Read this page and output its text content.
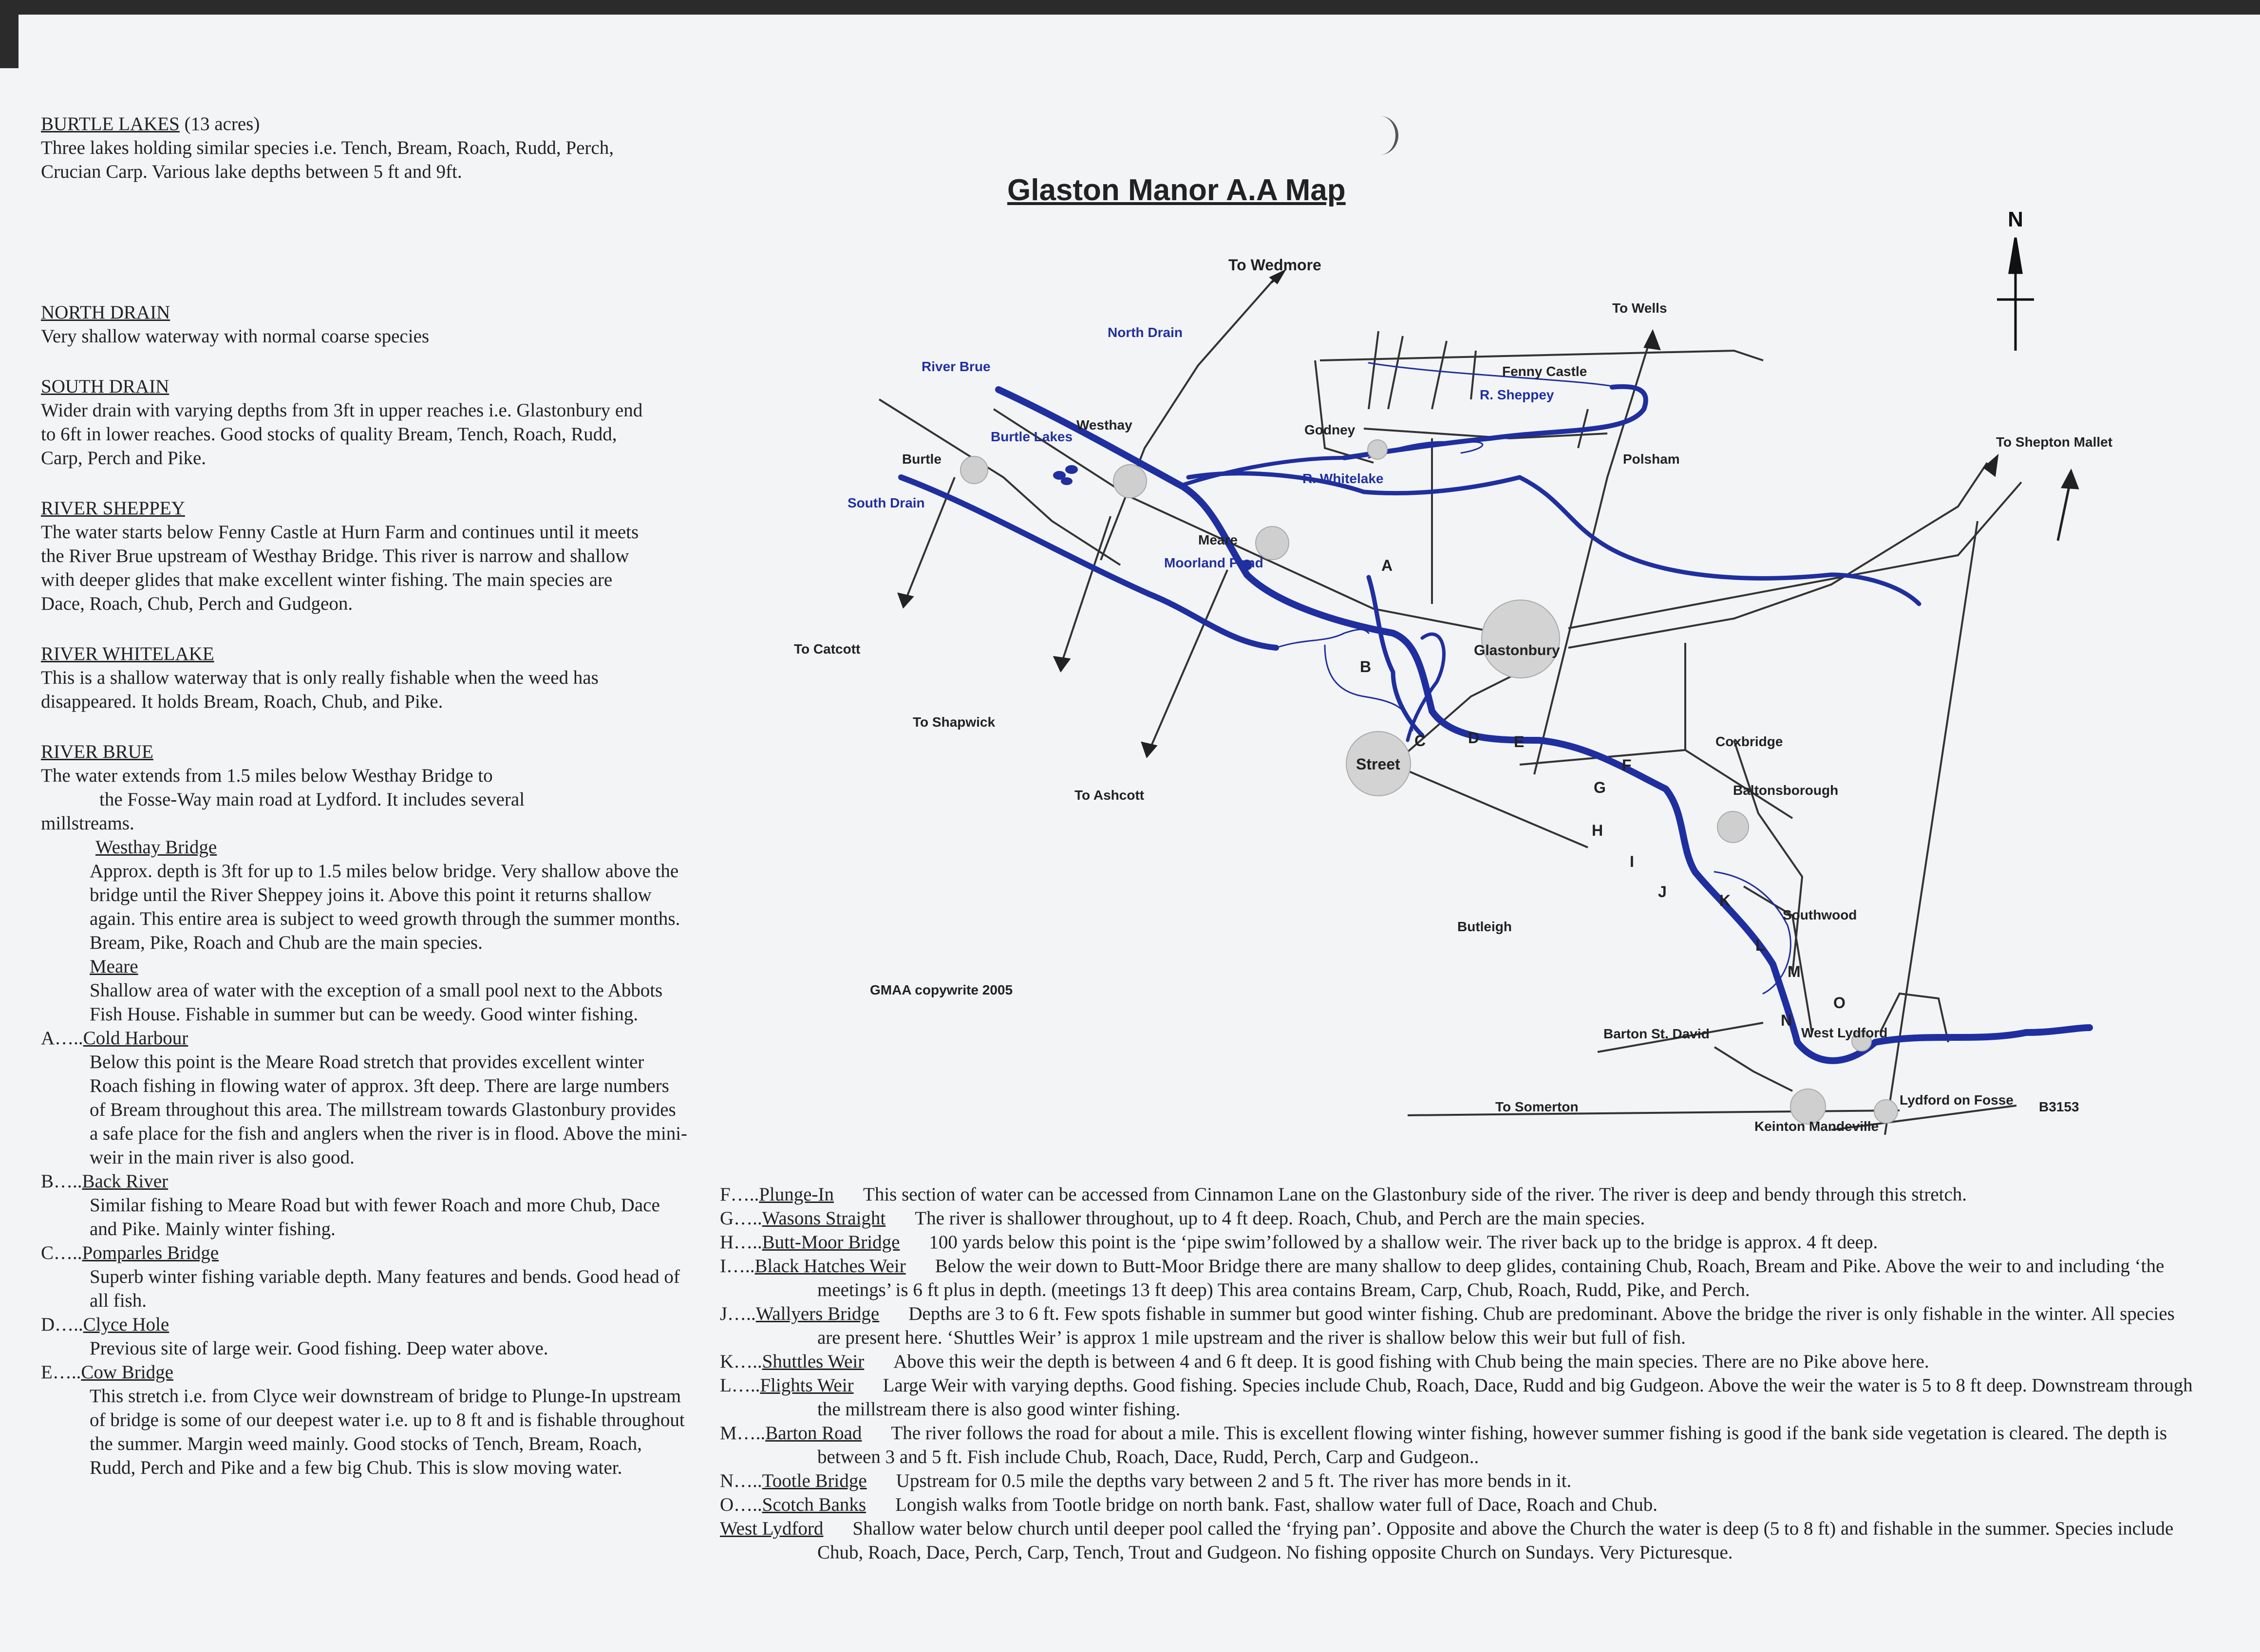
BURTLE LAKES (13 acres)
Three lakes holding similar species i.e. Tench, Bream, Roach, Rudd, Perch, Crucian Carp. Various lake depths between 5 ft and 9ft.
NORTH DRAIN
Very shallow waterway with normal coarse species
SOUTH DRAIN
Wider drain with varying depths from 3ft in upper reaches i.e. Glastonbury end to 6ft in lower reaches. Good stocks of quality Bream, Tench, Roach, Rudd, Carp, Perch and Pike.
RIVER SHEPPEY
The water starts below Fenny Castle at Hurn Farm and continues until it meets the River Brue upstream of Westhay Bridge. This river is narrow and shallow with deeper glides that make excellent winter fishing. The main species are Dace, Roach, Chub, Perch and Gudgeon.
RIVER WHITELAKE
This is a shallow waterway that is only really fishable when the weed has disappeared. It holds Bream, Roach, Chub, and Pike.
RIVER BRUE
The water extends from 1.5 miles below Westhay Bridge to
the Fosse-Way main road at Lydford. It includes several
millstreams.
Westhay Bridge
Approx. depth is 3ft for up to 1.5 miles below bridge. Very shallow above the bridge until the River Sheppey joins it. Above this point it returns shallow again. This entire area is subject to weed growth through the summer months. Bream, Pike, Roach and Chub are the main species.
Meare
Shallow area of water with the exception of a small pool next to the Abbots Fish House. Fishable in summer but can be weedy. Good winter fishing.
A…..Cold Harbour
Below this point is the Meare Road stretch that provides excellent winter Roach fishing in flowing water of approx. 3ft deep. There are large numbers of Bream throughout this area. The millstream towards Glastonbury provides a safe place for the fish and anglers when the river is in flood. Above the mini-weir in the main river is also good.
B…..Back River
Similar fishing to Meare Road but with fewer Roach and more Chub, Dace and Pike. Mainly winter fishing.
C…..Pomparles Bridge
Superb winter fishing variable depth. Many features and bends. Good head of all fish.
D…..Clyce Hole
Previous site of large weir. Good fishing. Deep water above.
E…..Cow Bridge
This stretch i.e. from Clyce weir downstream of bridge to Plunge-In upstream of bridge is some of our deepest water i.e. up to 8 ft and is fishable throughout the summer. Margin weed mainly. Good stocks of Tench, Bream, Roach, Rudd, Perch and Pike and a few big Chub. This is slow moving water.
Glaston Manor A.A Map
N
To Wedmore
To Wells
Fenny Castle
Westhay	Godney
Burtle	Polsham
To Shepton Mallet
Meare
To Catcott	Glastonbury
To Shapwick
Street
Coxbridge
To Ashcott	Baltonsborough
Butleigh
Southwood
GMAA copywrite 2005
Barton St. David
To Somerton
Keinton Mandeville
Lydford on Fosse B3153
West Lydford
North Drain
River Brue
R. Sheppey
Burtle Lakes
R. Whitelake
South Drain
Moorland Pond	A
B
C	D E
F
G
H
I
J	K
L
M
N
O
F…..Plunge-In This section of water can be accessed from Cinnamon Lane on the Glastonbury side of the river. The river is deep and bendy through this stretch.
G…..Wasons Straight The river is shallower throughout, up to 4 ft deep. Roach, Chub, and Perch are the main species.
H…..Butt-Moor Bridge 100 yards below this point is the ‘pipe swim’followed by a shallow weir. The river back up to the bridge is approx. 4 ft deep.
I…..Black Hatches Weir Below the weir down to Butt-Moor Bridge there are many shallow to deep glides, containing Chub, Roach, Bream and Pike. Above the weir to and including ‘the meetings’ is 6 ft plus in depth. (meetings 13 ft deep) This area contains Bream, Carp, Chub, Roach, Rudd, Pike, and Perch.
J…..Wallyers Bridge Depths are 3 to 6 ft. Few spots fishable in summer but good winter fishing. Chub are predominant. Above the bridge the river is only fishable in the winter. All species are present here. ‘Shuttles Weir’ is approx 1 mile upstream and the river is shallow below this weir but full of fish.
K…..Shuttles Weir Above this weir the depth is between 4 and 6 ft deep. It is good fishing with Chub being the main species. There are no Pike above here.
L…..Flights Weir Large Weir with varying depths. Good fishing. Species include Chub, Roach, Dace, Rudd and big Gudgeon. Above the weir the water is 5 to 8 ft deep. Downstream through the millstream there is also good winter fishing.
M…..Barton Road The river follows the road for about a mile. This is excellent flowing winter fishing, however summer fishing is good if the bank side vegetation is cleared. The depth is between 3 and 5 ft. Fish include Chub, Roach, Dace, Rudd, Perch, Carp and Gudgeon..
N…..Tootle Bridge Upstream for 0.5 mile the depths vary between 2 and 5 ft. The river has more bends in it.
O…..Scotch Banks Longish walks from Tootle bridge on north bank. Fast, shallow water full of Dace, Roach and Chub.
West Lydford Shallow water below church until deeper pool called the ‘frying pan’. Opposite and above the Church the water is deep (5 to 8 ft) and fishable in the summer. Species include Chub, Roach, Dace, Perch, Carp, Tench, Trout and Gudgeon. No fishing opposite Church on Sundays. Very Picturesque.
